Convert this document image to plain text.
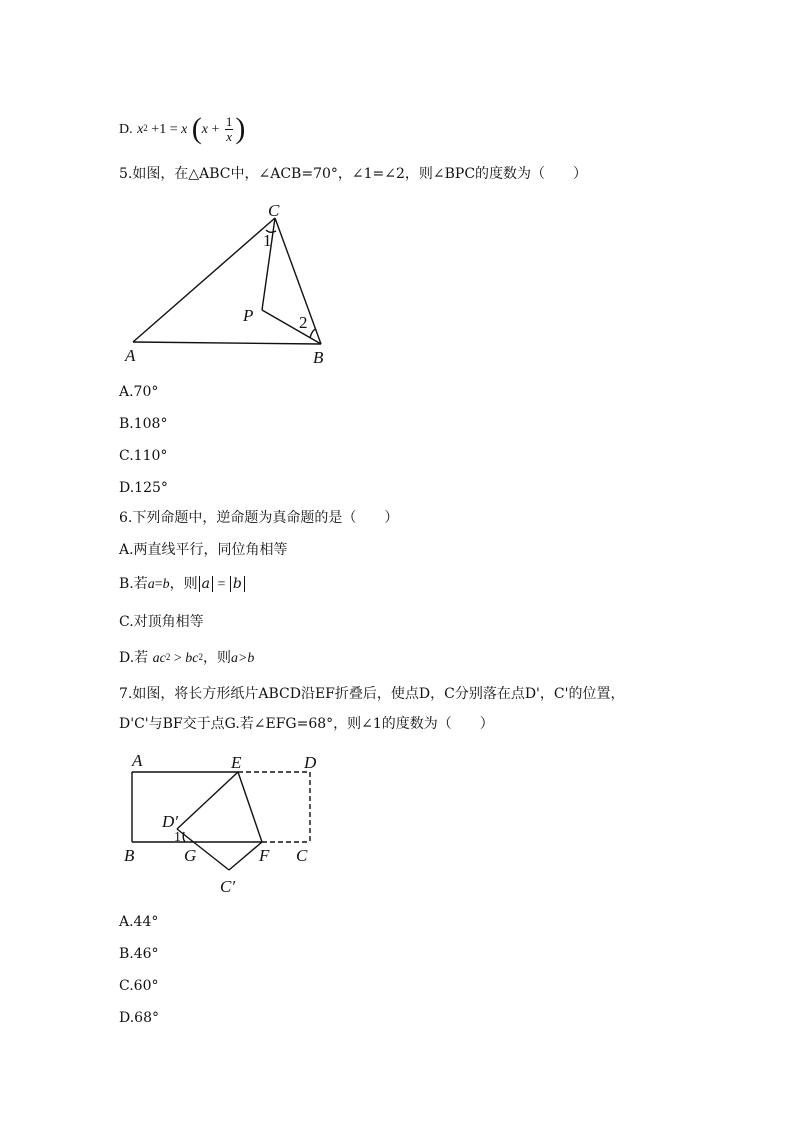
D. $x^2 +1 = x$ ($x + \frac{1}{x}$ )
5.如图，在△ABC中，∠ACB=70°，∠1=∠2，则∠BPC的度数为（　　）
C
1
P	2
A	B
A.70°
B.108°
C.110°
D.125°
6.下列命题中，逆命题为真命题的是（　　）
A.两直线平行，同位角相等
B.若a=b，则 a = b
C.对顶角相等
D.若 $ac^2 > bc^2$，则a>b
7.如图，将长方形纸片ABCD沿EF折叠后，使点D，C分别落在点D'，C'的位置，
D'C'与BF交于点G.若∠EFG=68°，则∠1的度数为（　　）
A	E	D
D′
1
B	G	F C
C′
A.44°
B.46°
C.60°
D.68°
